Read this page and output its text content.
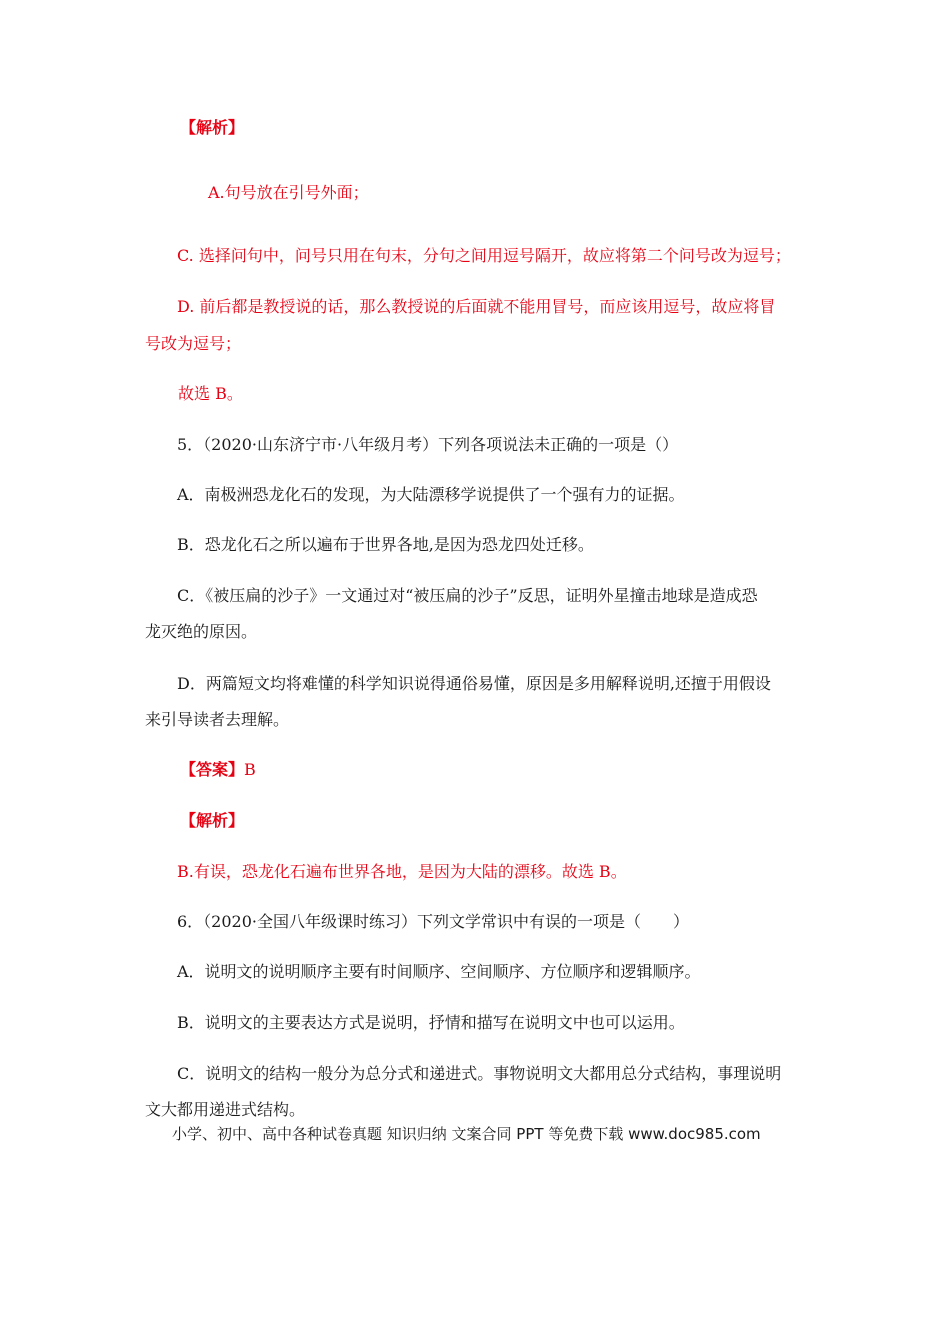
【解析】
A.句号放在引号外面；
C. 选择问句中，问号只用在句末，分句之间用逗号隔开，故应将第二个问号改为逗号；
D. 前后都是教授说的话，那么教授说的后面就不能用冒号，而应该用逗号，故应将冒
号改为逗号；
故选 B。
5．（2020·山东济宁市·八年级月考）下列各项说法未正确的一项是（）
A．南极洲恐龙化石的发现，为大陆漂移学说提供了一个强有力的证据。
B．恐龙化石之所以遍布于世界各地,是因为恐龙四处迁移。
C．《被压扁的沙子》一文通过对“被压扁的沙子”反思，证明外星撞击地球是造成恐
龙灭绝的原因。
D．两篇短文均将难懂的科学知识说得通俗易懂，原因是多用解释说明,还擅于用假设
来引导读者去理解。
【答案】B
【解析】
B.有误，恐龙化石遍布世界各地，是因为大陆的漂移。故选 B。
6．（2020·全国八年级课时练习）下列文学常识中有误的一项是（　　）
A．说明文的说明顺序主要有时间顺序、空间顺序、方位顺序和逻辑顺序。
B．说明文的主要表达方式是说明，抒情和描写在说明文中也可以运用。
C．说明文的结构一般分为总分式和递进式。事物说明文大都用总分式结构，事理说明
文大都用递进式结构。
小学、初中、高中各种试卷真题 知识归纳 文案合同 PPT 等免费下载 www.doc985.com
